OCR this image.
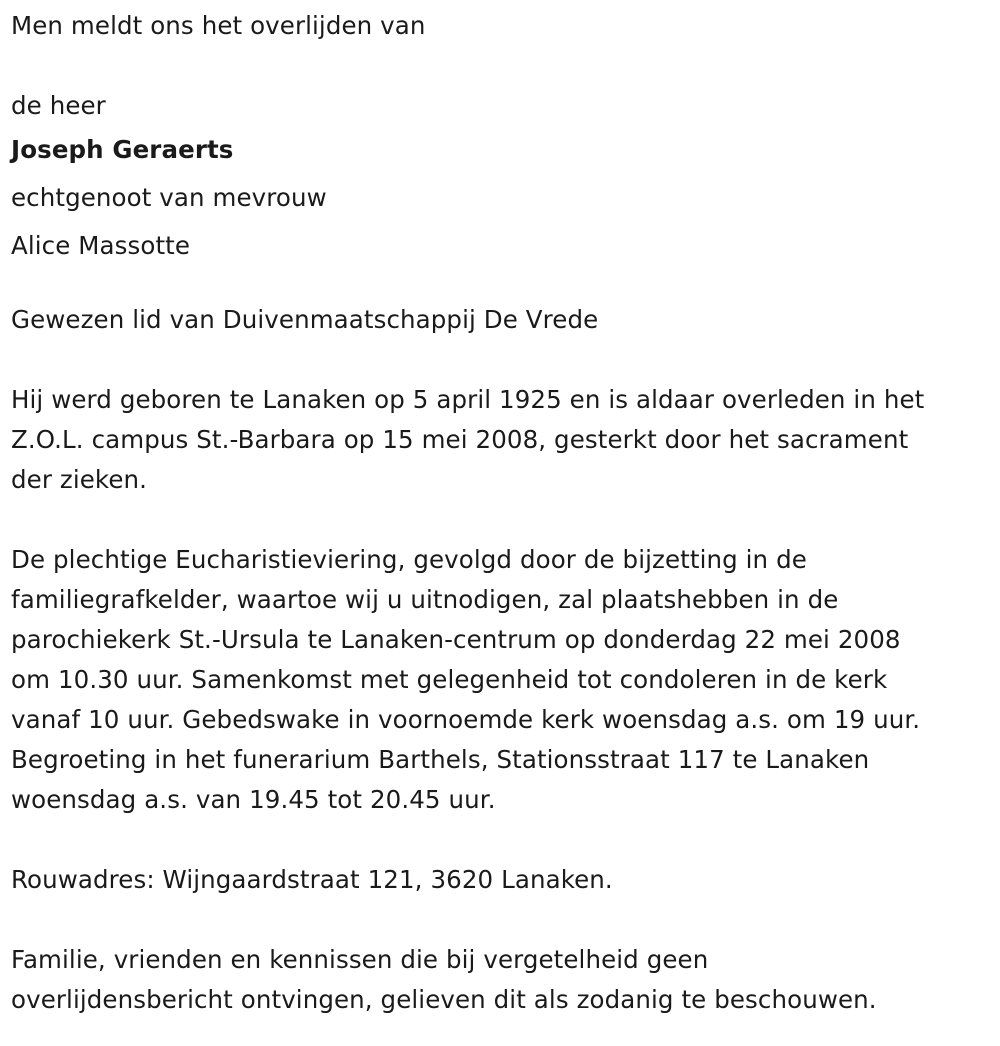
Men meldt ons het overlijden van
de heer
Joseph Geraerts
echtgenoot van mevrouw
Alice Massotte
Gewezen lid van Duivenmaatschappij De Vrede
Hij werd geboren te Lanaken op 5 april 1925 en is aldaar overleden in het
Z.O.L. campus St.-Barbara op 15 mei 2008, gesterkt door het sacrament
der zieken.
De plechtige Eucharistieviering, gevolgd door de bijzetting in de
familiegrafkelder, waartoe wij u uitnodigen, zal plaatshebben in de
parochiekerk St.-Ursula te Lanaken-centrum op donderdag 22 mei 2008
om 10.30 uur. Samenkomst met gelegenheid tot condoleren in de kerk
vanaf 10 uur. Gebedswake in voornoemde kerk woensdag a.s. om 19 uur.
Begroeting in het funerarium Barthels, Stationsstraat 117 te Lanaken
woensdag a.s. van 19.45 tot 20.45 uur.
Rouwadres: Wijngaardstraat 121, 3620 Lanaken.
Familie, vrienden en kennissen die bij vergetelheid geen
overlijdensbericht ontvingen, gelieven dit als zodanig te beschouwen.
